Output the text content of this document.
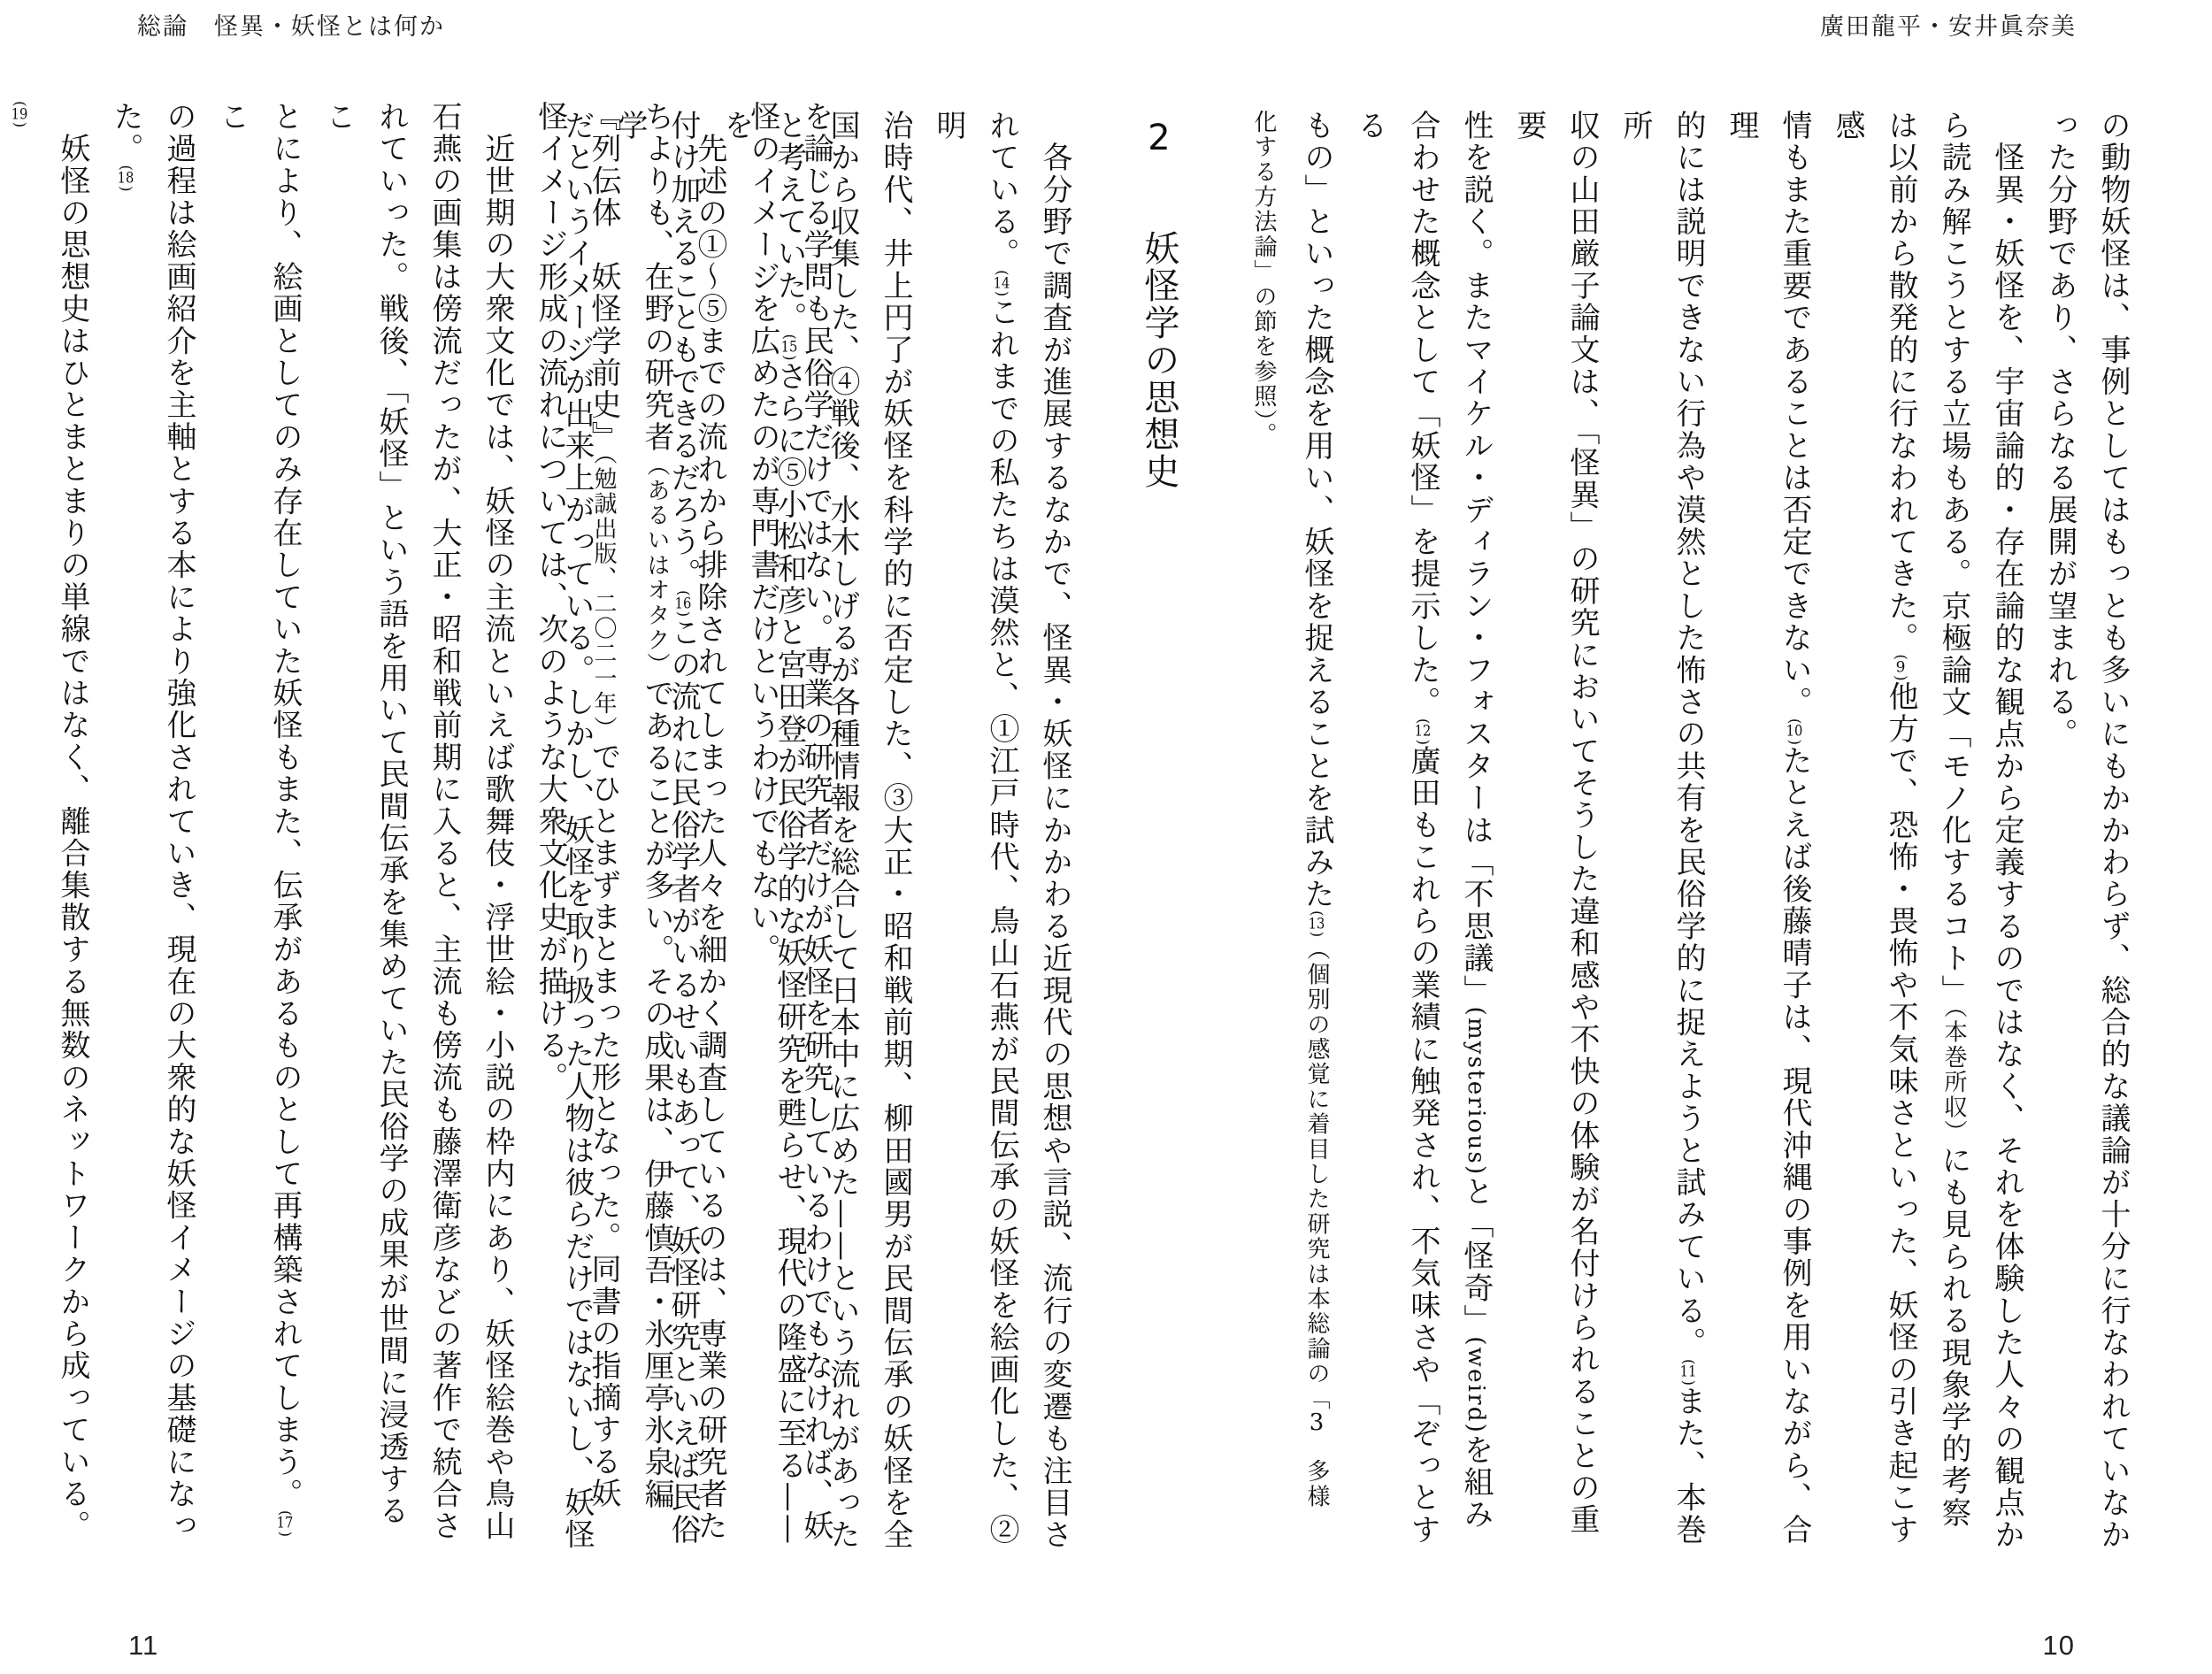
総論　怪異・妖怪とは何か	廣田龍平・安井眞奈美
の動物妖怪は、事例としてはもっとも多いにもかかわらず、総合的な議論が十分に行なわれていなか
った分野であり、さらなる展開が望まれる。
　怪異・妖怪を、宇宙論的・存在論的な観点から定義するのではなく、それを体験した人々の観点か
ら読み解こうとする立場もある。京極論文「モノ化するコト」（本巻所収）にも見られる現象学的考察
は以前から散発的に行なわれてきた。(9)他方で、恐怖・畏怖や不気味さといった、妖怪の引き起こす感
情もまた重要であることは否定できない。(10)たとえば後藤晴子は、現代沖縄の事例を用いながら、合理
的には説明できない行為や漠然とした怖さの共有を民俗学的に捉えようと試みている。(11)また、本巻所
収の山田厳子論文は、「怪異」の研究においてそうした違和感や不快の体験が名付けられることの重要
性を説く。またマイケル・ディラン・フォスターは「不思議」(mysterious)と「怪奇」(weird)を組み
合わせた概念として「妖怪」を提示した。(12)廣田もこれらの業績に触発され、不気味さや「ぞっとする
もの」といった概念を用い、妖怪を捉えることを試みた(13)（個別の感覚に着目した研究は本総論の「3　多様
化する方法論」の節を参照）。
2　　妖怪学の思想史
　各分野で調査が進展するなかで、怪異・妖怪にかかわる近現代の思想や言説、流行の変遷も注目さ
れている。(14)これまでの私たちは漠然と、①江戸時代、鳥山石燕が民間伝承の妖怪を絵画化した、②明
治時代、井上円了が妖怪を科学的に否定した、③大正・昭和戦前期、柳田國男が民間伝承の妖怪を全
国から収集した、④戦後、水木しげるが各種情報を総合して日本中に広めた——という流れがあった
と考えていた。(15)さらに⑤小松和彦と宮田登が民俗学的な妖怪研究を甦らせ、現代の隆盛に至る——を
付け加えることもできるだろう。(16)この流れに民俗学者がいるせいもあって、妖怪研究といえば民俗学
だというイメージが出来上がっている。しかし、妖怪を取り扱った人物は彼らだけではないし、妖怪	を論じる学問も民俗学だけではない。専業の研究者だけが妖怪を研究しているわけでもなければ、妖
怪のイメージを広めたのが専門書だけというわけでもない。
　先述の①〜⑤までの流れから排除されてしまった人々を細かく調査しているのは、専業の研究者た
ちよりも、在野の研究者（あるいはオタク）であることが多い。その成果は、伊藤慎吾・氷厘亭氷泉編
『列伝体　妖怪学前史』（勉誠出版、二〇二一年）でひとまずまとまった形となった。同書の指摘する妖
怪イメージ形成の流れについては、次のような大衆文化史が描ける。
　近世期の大衆文化では、妖怪の主流といえば歌舞伎・浮世絵・小説の枠内にあり、妖怪絵巻や鳥山
石燕の画集は傍流だったが、大正・昭和戦前期に入ると、主流も傍流も藤澤衛彦などの著作で統合さ
れていった。戦後、「妖怪」という語を用いて民間伝承を集めていた民俗学の成果が世間に浸透するこ
とにより、絵画としてのみ存在していた妖怪もまた、伝承があるものとして再構築されてしまう。(17)こ
の過程は絵画紹介を主軸とする本により強化されていき、現在の大衆的な妖怪イメージの基礎になっ
た。(18)
　妖怪の思想史はひとまとまりの単線ではなく、離合集散する無数のネットワークから成っている。(19)
11	10
